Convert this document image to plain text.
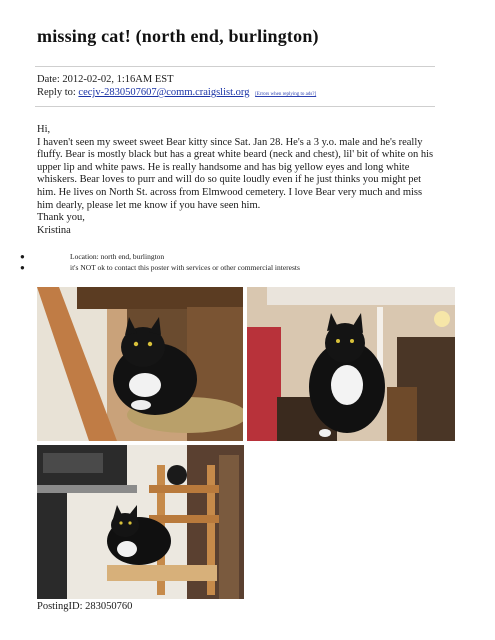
missing cat! (north end, burlington)
Date: 2012-02-02, 1:16AM EST
Reply to: cecjv-2830507607@comm.craigslist.org [Errors when replying to ads?]

Hi,

I haven't seen my sweet sweet Bear kitty since Sat. Jan 28. He's a 3 y.o. male and he's really fluffy. Bear is mostly black but has a great white beard (neck and chest), lil' bit of white on his upper lip and white paws. He is really handsome and has big yellow eyes and long white whiskers. Bear loves to purr and will do so quite loudly even if he just thinks you might pet him. He lives on North St. across from Elmwood cemetery. I love Bear very much and miss him dearly, please let me know if you have seen him.

Thank you,

Kristina

●	Location: north end, burlington
●	it's NOT ok to contact this poster with services or other commercial interests
PostingID: 283050760
